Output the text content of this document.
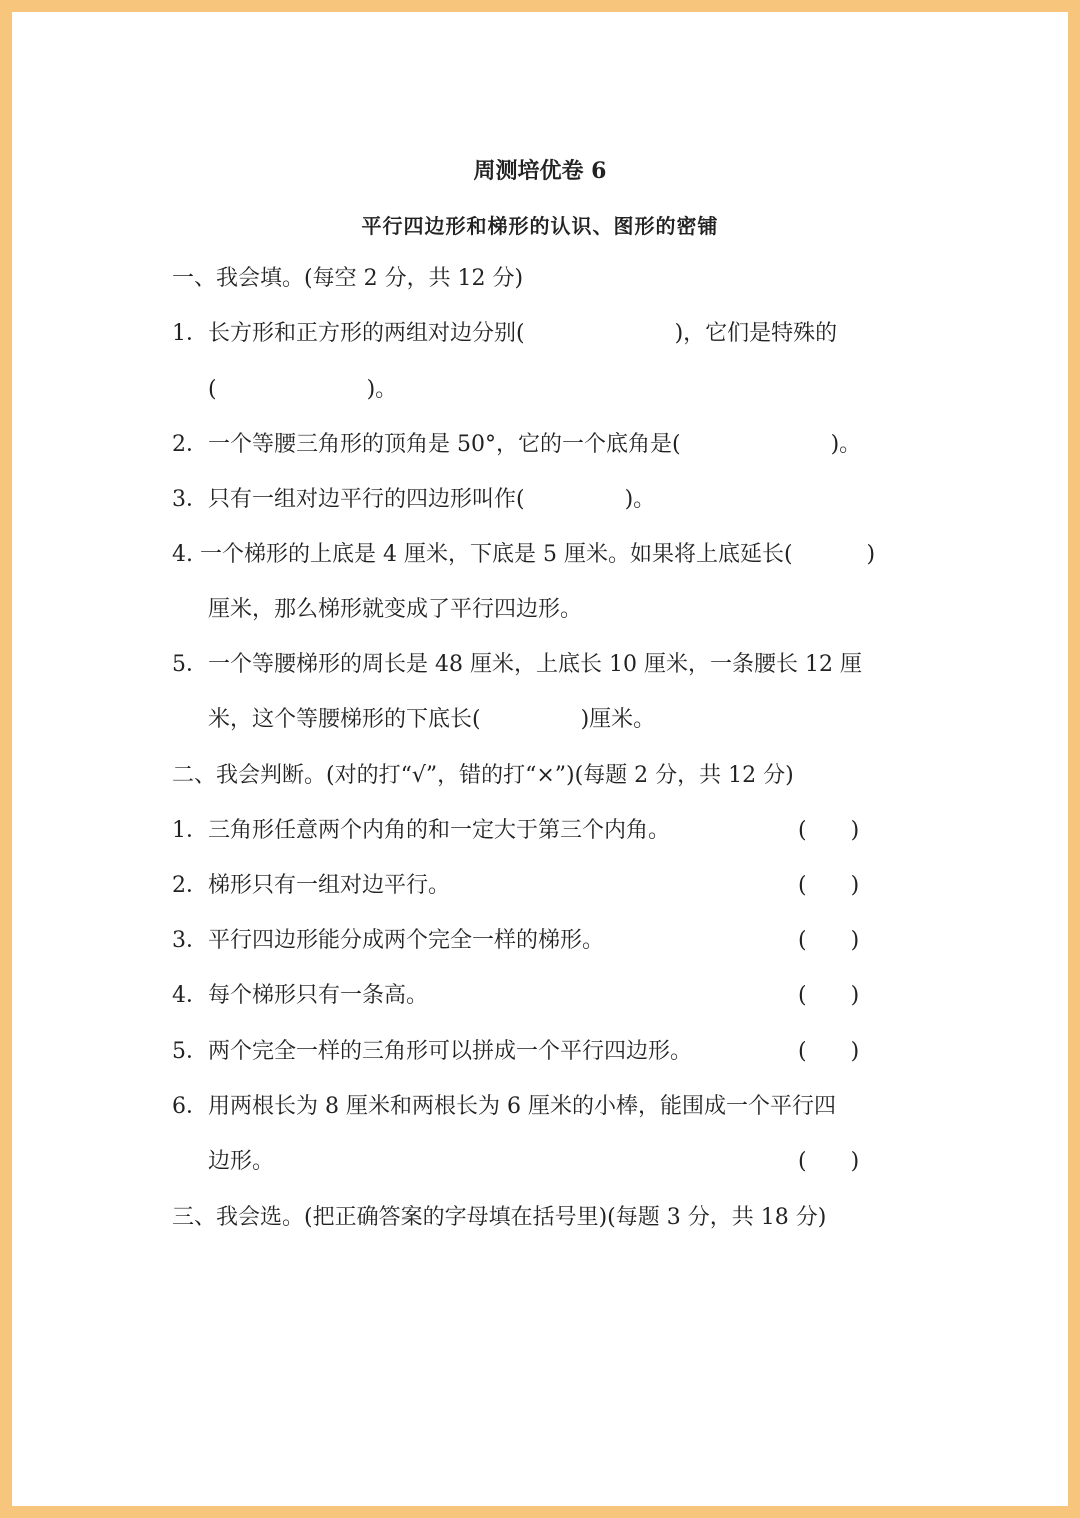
周测培优卷 6
平行四边形和梯形的认识、图形的密铺
一、我会填。(每空 2 分，共 12 分)
1．长方形和正方形的两组对边分别(	)，它们是特殊的
(	)。
2．一个等腰三角形的顶角是 50°，它的一个底角是(	)。
3．只有一组对边平行的四边形叫作(	)。
4. 一个梯形的上底是 4 厘米，下底是 5 厘米。如果将上底延长(	)
厘米，那么梯形就变成了平行四边形。
5．一个等腰梯形的周长是 48 厘米，上底长 10 厘米，一条腰长 12 厘
米，这个等腰梯形的下底长(	)厘米。
二、我会判断。(对的打“√”，错的打“×”)(每题 2 分，共 12 分)
1．三角形任意两个内角的和一定大于第三个内角。	(　　)
2．梯形只有一组对边平行。	(　　)
3．平行四边形能分成两个完全一样的梯形。	(　　)
4．每个梯形只有一条高。	(　　)
5．两个完全一样的三角形可以拼成一个平行四边形。	(　　)
6．用两根长为 8 厘米和两根长为 6 厘米的小棒，能围成一个平行四
边形。	(　　)
三、我会选。(把正确答案的字母填在括号里)(每题 3 分，共 18 分)
